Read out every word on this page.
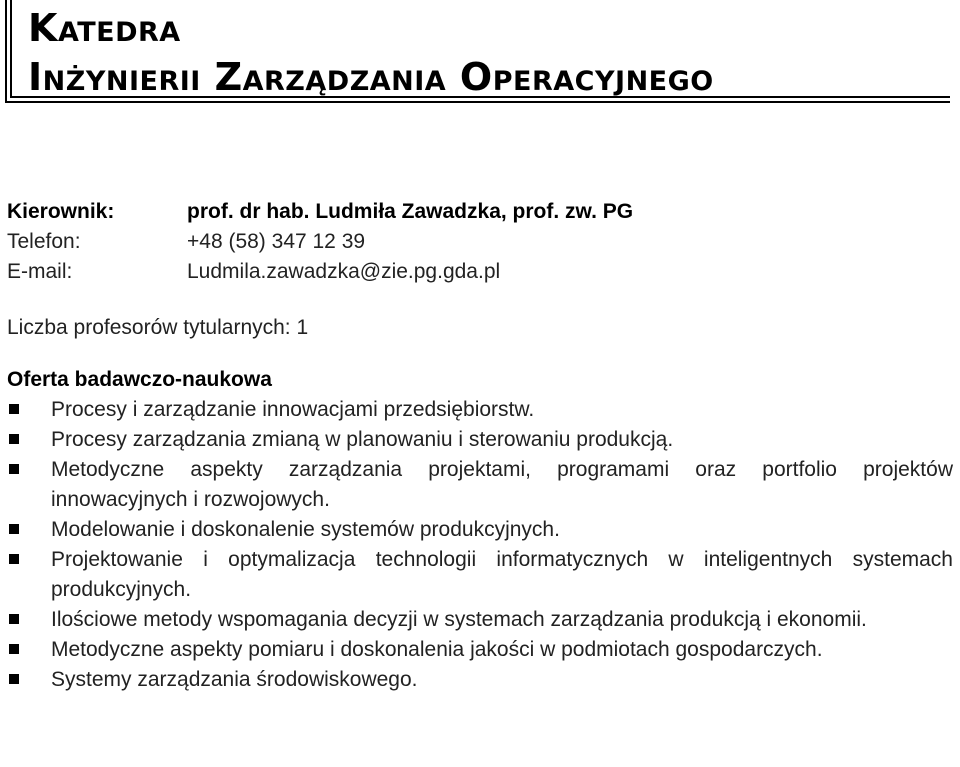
Katedra
Inżynierii Zarządzania Operacyjnego
Kierownik:	prof. dr hab. Ludmiła Zawadzka, prof. zw. PG
Telefon:	+48 (58) 347 12 39
E-mail:	Ludmila.zawadzka@zie.pg.gda.pl
Liczba profesorów tytularnych: 1
Oferta badawczo-naukowa
Procesy i zarządzanie innowacjami przedsiębiorstw.
Procesy zarządzania zmianą w planowaniu i sterowaniu produkcją.
Metodyczne aspekty zarządzania projektami, programami oraz portfolio projektów innowacyjnych i rozwojowych.
Modelowanie i doskonalenie systemów produkcyjnych.
Projektowanie i optymalizacja technologii informatycznych w inteligentnych systemach produkcyjnych.
Ilościowe metody wspomagania decyzji w systemach zarządzania produkcją i ekonomii.
Metodyczne aspekty pomiaru i doskonalenia jakości w podmiotach gospodarczych.
Systemy zarządzania środowiskowego.
